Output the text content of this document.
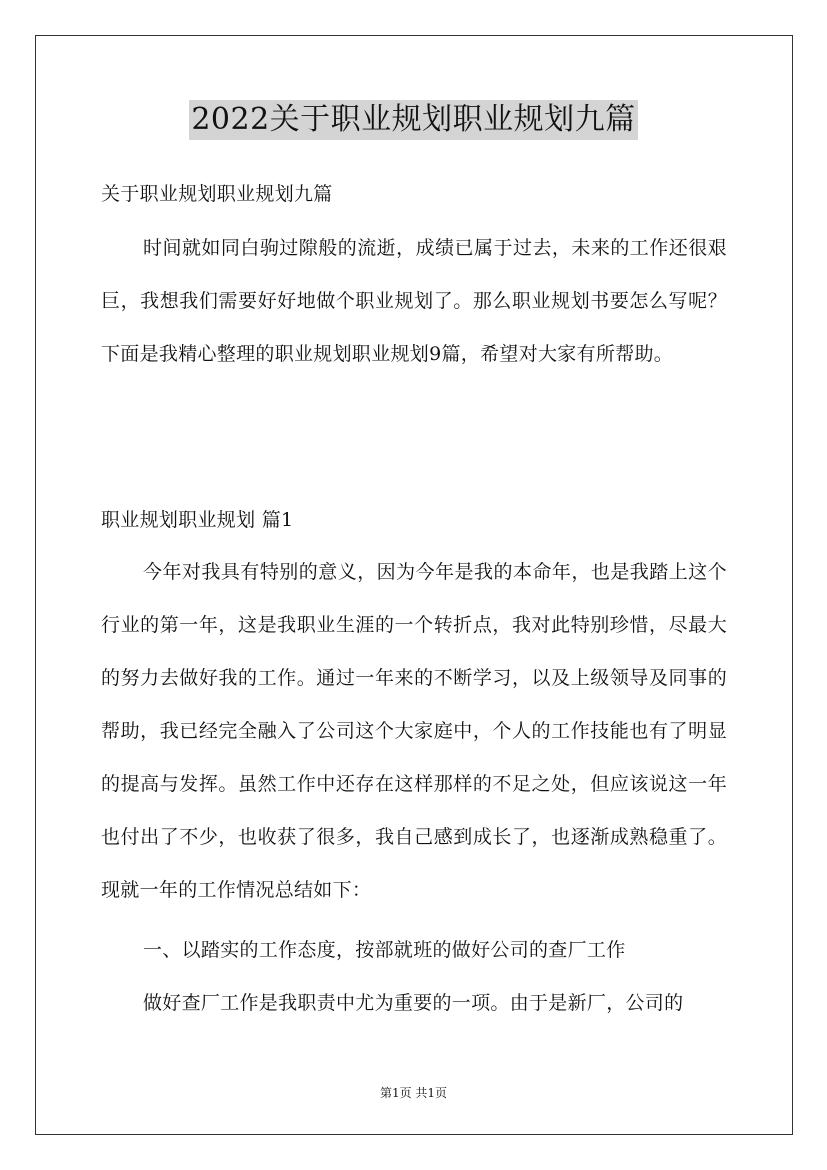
2022关于职业规划职业规划九篇
关于职业规划职业规划九篇
时间就如同白驹过隙般的流逝，成绩已属于过去，未来的工作还很艰巨，我想我们需要好好地做个职业规划了。那么职业规划书要怎么写呢？下面是我精心整理的职业规划职业规划9篇，希望对大家有所帮助。
职业规划职业规划 篇1
今年对我具有特别的意义，因为今年是我的本命年，也是我踏上这个行业的第一年，这是我职业生涯的一个转折点，我对此特别珍惜，尽最大的努力去做好我的工作。通过一年来的不断学习，以及上级领导及同事的帮助，我已经完全融入了公司这个大家庭中，个人的工作技能也有了明显的提高与发挥。虽然工作中还存在这样那样的不足之处，但应该说这一年也付出了不少，也收获了很多，我自己感到成长了，也逐渐成熟稳重了。现就一年的工作情况总结如下：
一、以踏实的工作态度，按部就班的做好公司的查厂工作
做好查厂工作是我职责中尤为重要的一项。由于是新厂，公司的
第1页 共1页
